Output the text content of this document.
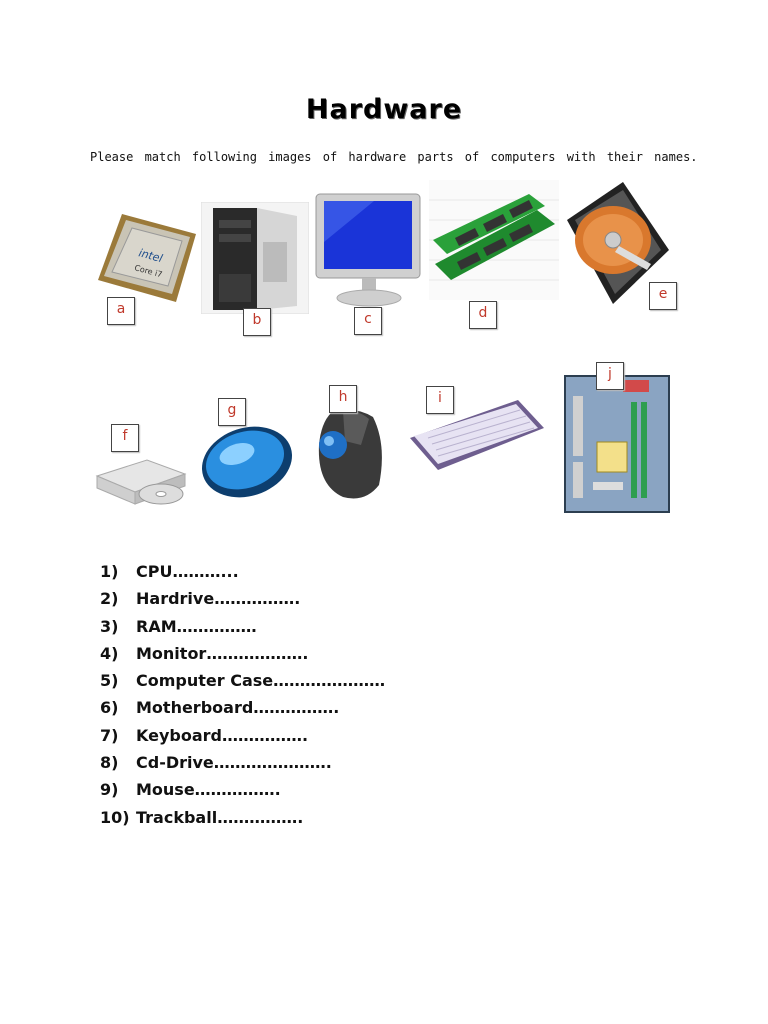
Hardware
Please match following images of hardware parts of computers with their names.
intel
Core i7
a
b	c	d
e
f
g
h	i
j
1)	CPU………...
2)	Hardrive…………….
3)	RAM……………
4)	Monitor……………….
5)	Computer Case…………………
6)	Motherboard…………….
7)	Keyboard…………….
8)	Cd-Drive………………….
9)	Mouse…………….
10) Trackball…………….
